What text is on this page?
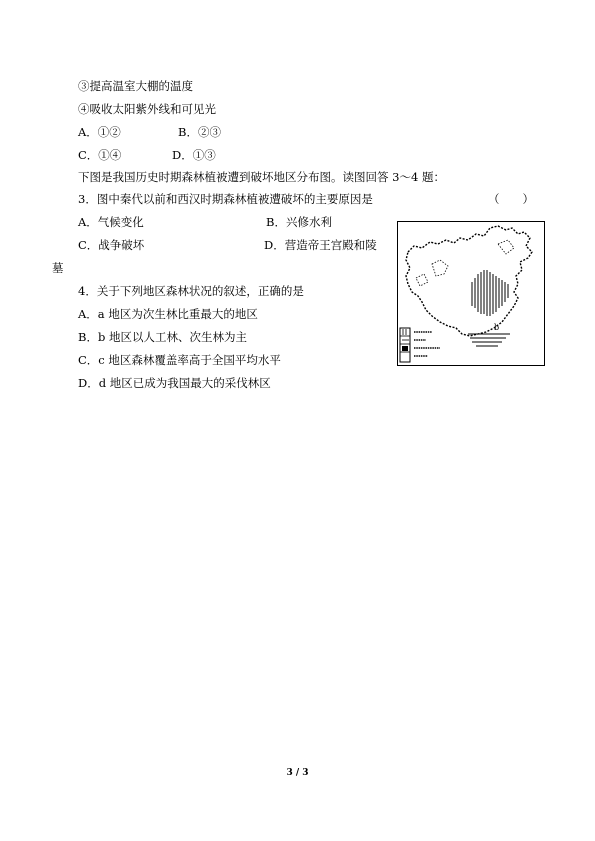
③提高温室大棚的温度
④吸收太阳紫外线和可见光
A．①②	B．②③
C．①④	D．①③
下图是我国历史时期森林植被遭到破坏地区分布图。读图回答 3～4 题：
3．图中秦代以前和西汉时期森林植被遭破坏的主要原因是	（　　）
A．气候变化	B．兴修水利
C．战争破坏	D．营造帝王宫殿和陵
墓
4．关于下列地区森林状况的叙述，正确的是
A．a 地区为次生林比重最大的地区
B．b 地区以人工林、次生林为主
C．c 地区森林覆盖率高于全国平均水平
D．d 地区已成为我国最大的采伐林区
b
3 / 3
